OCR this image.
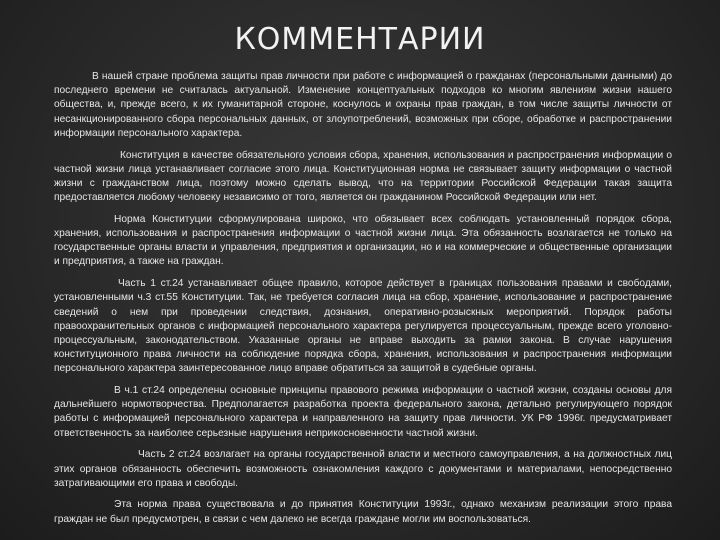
КОММЕНТАРИИ

В нашей стране проблема защиты прав личности при работе с информацией о гражданах (персональными данными) до последнего времени не считалась актуальной. Изменение концептуальных подходов ко многим явлениям жизни нашего общества, и, прежде всего, к их гуманитарной стороне, коснулось и охраны прав граждан, в том числе защиты личности от несанкционированного сбора персональных данных, от злоупотреблений, возможных при сборе, обработке и распространении информации персонального характера.

Конституция в качестве обязательного условия сбора, хранения, использования и распространения информации о частной жизни лица устанавливает согласие этого лица. Конституционная норма не связывает защиту информации о частной жизни с гражданством лица, поэтому можно сделать вывод, что на территории Российской Федерации такая защита предоставляется любому человеку независимо от того, является он гражданином Российской Федерации или нет.

Норма Конституции сформулирована широко, что обязывает всех соблюдать установленный порядок сбора, хранения, использования и распространения информации о частной жизни лица. Эта обязанность возлагается не только на государственные органы власти и управления, предприятия и организации, но и на коммерческие и общественные организации и предприятия, а также на граждан.

Часть 1 ст.24 устанавливает общее правило, которое действует в границах пользования правами и свободами, установленными ч.3 ст.55 Конституции. Так, не требуется согласия лица на сбор, хранение, использование и распространение сведений о нем при проведении следствия, дознания, оперативно-розыскных мероприятий. Порядок работы правоохранительных органов с информацией персонального характера регулируется процессуальным, прежде всего уголовно-процессуальным, законодательством. Указанные органы не вправе выходить за рамки закона. В случае нарушения конституционного права личности на соблюдение порядка сбора, хранения, использования и распространения информации персонального характера заинтересованное лицо вправе обратиться за защитой в судебные органы.

В ч.1 ст.24 определены основные принципы правового режима информации о частной жизни, созданы основы для дальнейшего нормотворчества. Предполагается разработка проекта федерального закона, детально регулирующего порядок работы с информацией персонального характера и направленного на защиту прав личности. УК РФ 1996г. предусматривает ответственность за наиболее серьезные нарушения неприкосновенности частной жизни.

Часть 2 ст.24 возлагает на органы государственной власти и местного самоуправления, а на должностных лиц этих органов обязанность обеспечить возможность ознакомления каждого с документами и материалами, непосредственно затрагивающими его права и свободы.

Эта норма права существовала и до принятия Конституции 1993г., однако механизм реализации этого права граждан не был предусмотрен, в связи с чем далеко не всегда граждане могли им воспользоваться.
